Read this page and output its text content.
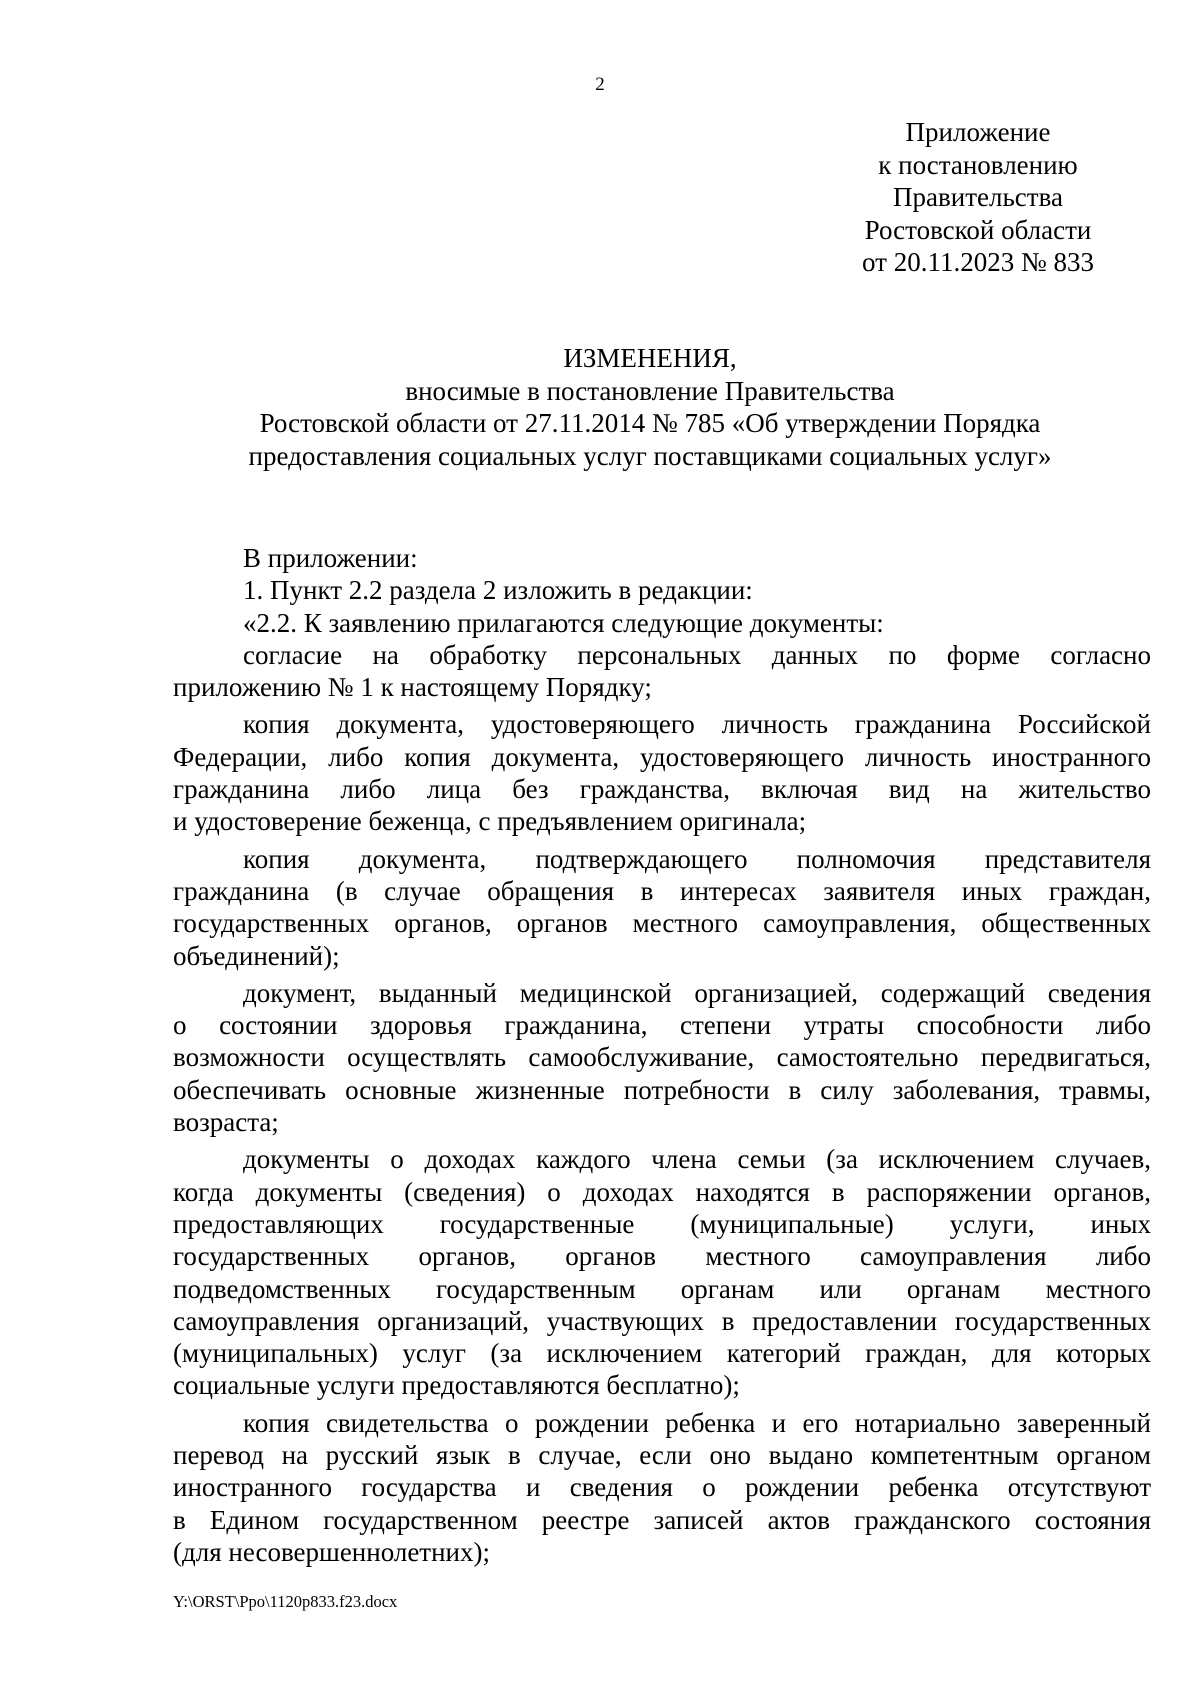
2
Приложение
к постановлению
Правительства
Ростовской области
от 20.11.2023 № 833
ИЗМЕНЕНИЯ,
вносимые в постановление Правительства
Ростовской области от 27.11.2014 № 785 «Об утверждении Порядка
предоставления социальных услуг поставщиками социальных услуг»
В приложении:
1. Пункт 2.2 раздела 2 изложить в редакции:
«2.2. К заявлению прилагаются следующие документы:
согласие на обработку персональных данных по форме согласно
приложению № 1 к настоящему Порядку;
копия документа, удостоверяющего личность гражданина Российской
Федерации, либо копия документа, удостоверяющего личность иностранного
гражданина либо лица без гражданства, включая вид на жительство
и удостоверение беженца, с предъявлением оригинала;
копия документа, подтверждающего полномочия представителя
гражданина (в случае обращения в интересах заявителя иных граждан,
государственных органов, органов местного самоуправления, общественных
объединений);
документ, выданный медицинской организацией, содержащий сведения
о состоянии здоровья гражданина, степени утраты способности либо
возможности осуществлять самообслуживание, самостоятельно передвигаться,
обеспечивать основные жизненные потребности в силу заболевания, травмы,
возраста;
документы о доходах каждого члена семьи (за исключением случаев,
когда документы (сведения) о доходах находятся в распоряжении органов,
предоставляющих государственные (муниципальные) услуги, иных
государственных органов, органов местного самоуправления либо
подведомственных государственным органам или органам местного
самоуправления организаций, участвующих в предоставлении государственных
(муниципальных) услуг (за исключением категорий граждан, для которых
социальные услуги предоставляются бесплатно);
копия свидетельства о рождении ребенка и его нотариально заверенный
перевод на русский язык в случае, если оно выдано компетентным органом
иностранного государства и сведения о рождении ребенка отсутствуют
в Едином государственном реестре записей актов гражданского состояния
(для несовершеннолетних);
Y:\ORST\Ppo\1120p833.f23.docx
